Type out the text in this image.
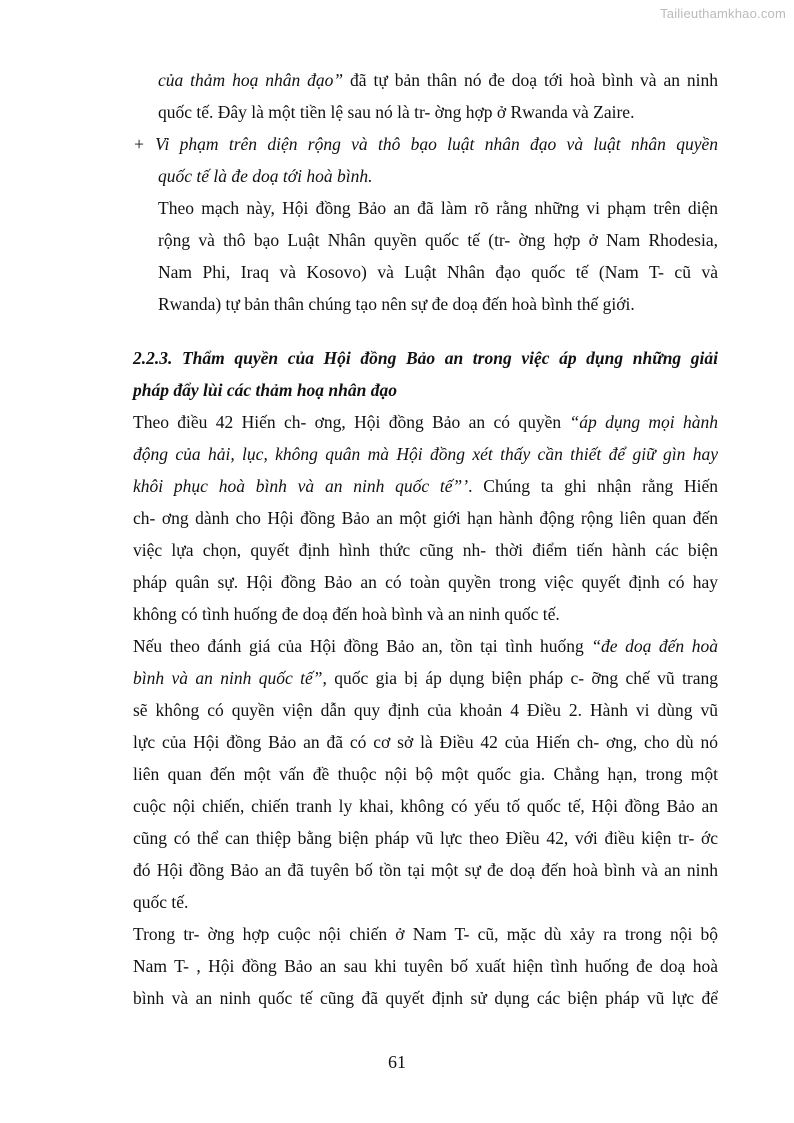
Tailieuthamkhao.com
của thảm hoạ nhân đạo” đã tự bản thân nó đe doạ tới hoà bình và an ninh
quốc tế. Đây là một tiền lệ sau nó là tr- ờng hợp ở Rwanda và Zaire.
+ Vi phạm trên diện rộng và thô bạo luật nhân đạo và luật nhân quyền
quốc tế là đe doạ tới hoà bình.
Theo mạch này, Hội đồng Bảo an đã làm rõ rằng những vi phạm trên diện
rộng và thô bạo Luật Nhân quyền quốc tế (tr- ờng hợp ở Nam Rhodesia,
Nam Phi, Iraq và Kosovo) và Luật Nhân đạo quốc tế (Nam T- cũ và
Rwanda) tự bản thân chúng tạo nên sự đe doạ đến hoà bình thế giới.
2.2.3. Thẩm quyền của Hội đồng Bảo an trong việc áp dụng những giải
pháp đẩy lùi các thảm hoạ nhân đạo
Theo điều 42 Hiến ch- ơng, Hội đồng Bảo an có quyền “áp dụng mọi hành
động của hải, lục, không quân mà Hội đồng xét thấy cần thiết để giữ gìn hay
khôi phục hoà bình và an ninh quốc tế”’. Chúng ta ghi nhận rằng Hiến
ch- ơng dành cho Hội đồng Bảo an một giới hạn hành động rộng liên quan đến
việc lựa chọn, quyết định hình thức cũng nh- thời điểm tiến hành các biện
pháp quân sự. Hội đồng Bảo an có toàn quyền trong việc quyết định có hay
không có tình huống đe doạ đến hoà bình và an ninh quốc tế.
Nếu theo đánh giá của Hội đồng Bảo an, tồn tại tình huống “đe doạ đến hoà
bình và an ninh quốc tế”, quốc gia bị áp dụng biện pháp c- ỡng chế vũ trang
sẽ không có quyền viện dẫn quy định của khoản 4 Điều 2. Hành vi dùng vũ
lực của Hội đồng Bảo an đã có cơ sở là Điều 42 của Hiến ch- ơng, cho dù nó
liên quan đến một vấn đề thuộc nội bộ một quốc gia. Chẳng hạn, trong một
cuộc nội chiến, chiến tranh ly khai, không có yếu tố quốc tế, Hội đồng Bảo an
cũng có thể can thiệp bằng biện pháp vũ lực theo Điều 42, với điều kiện tr- ớc
đó Hội đồng Bảo an đã tuyên bố tồn tại một sự đe doạ đến hoà bình và an ninh
quốc tế.
Trong tr- ờng hợp cuộc nội chiến ở Nam T- cũ, mặc dù xảy ra trong nội bộ
Nam T- , Hội đồng Bảo an sau khi tuyên bố xuất hiện tình huống đe doạ hoà
bình và an ninh quốc tế cũng đã quyết định sử dụng các biện pháp vũ lực để
61
